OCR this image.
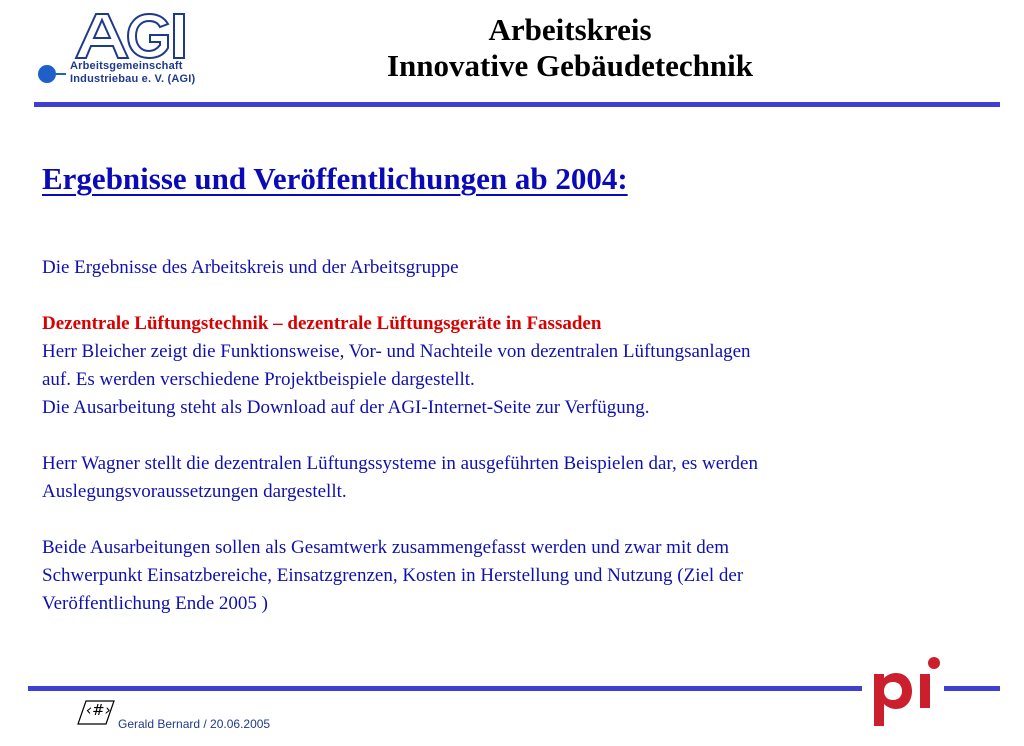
Arbeitsgemeinschaft
Industriebau e. V. (AGI)
Arbeitskreis
Innovative Gebäudetechnik
Ergebnisse und Veröffentlichungen ab 2004:

Die Ergebnisse des Arbeitskreis und der Arbeitsgruppe

Dezentrale Lüftungstechnik – dezentrale Lüftungsgeräte in Fassaden

Herr Bleicher zeigt die Funktionsweise, Vor- und Nachteile von dezentralen Lüftungsanlagen

auf. Es werden verschiedene Projektbeispiele dargestellt.

Die Ausarbeitung steht als Download auf der AGI-Internet-Seite zur Verfügung.

Herr Wagner stellt die dezentralen Lüftungssysteme in ausgeführten Beispielen dar, es werden

Auslegungsvoraussetzungen dargestellt.

Beide Ausarbeitungen sollen als Gesamtwerk zusammengefasst werden und zwar mit dem

Schwerpunkt Einsatzbereiche, Einsatzgrenzen, Kosten in Herstellung und Nutzung (Ziel der

Veröffentlichung Ende 2005 )

‹#›
Gerald Bernard / 20.06.2005
